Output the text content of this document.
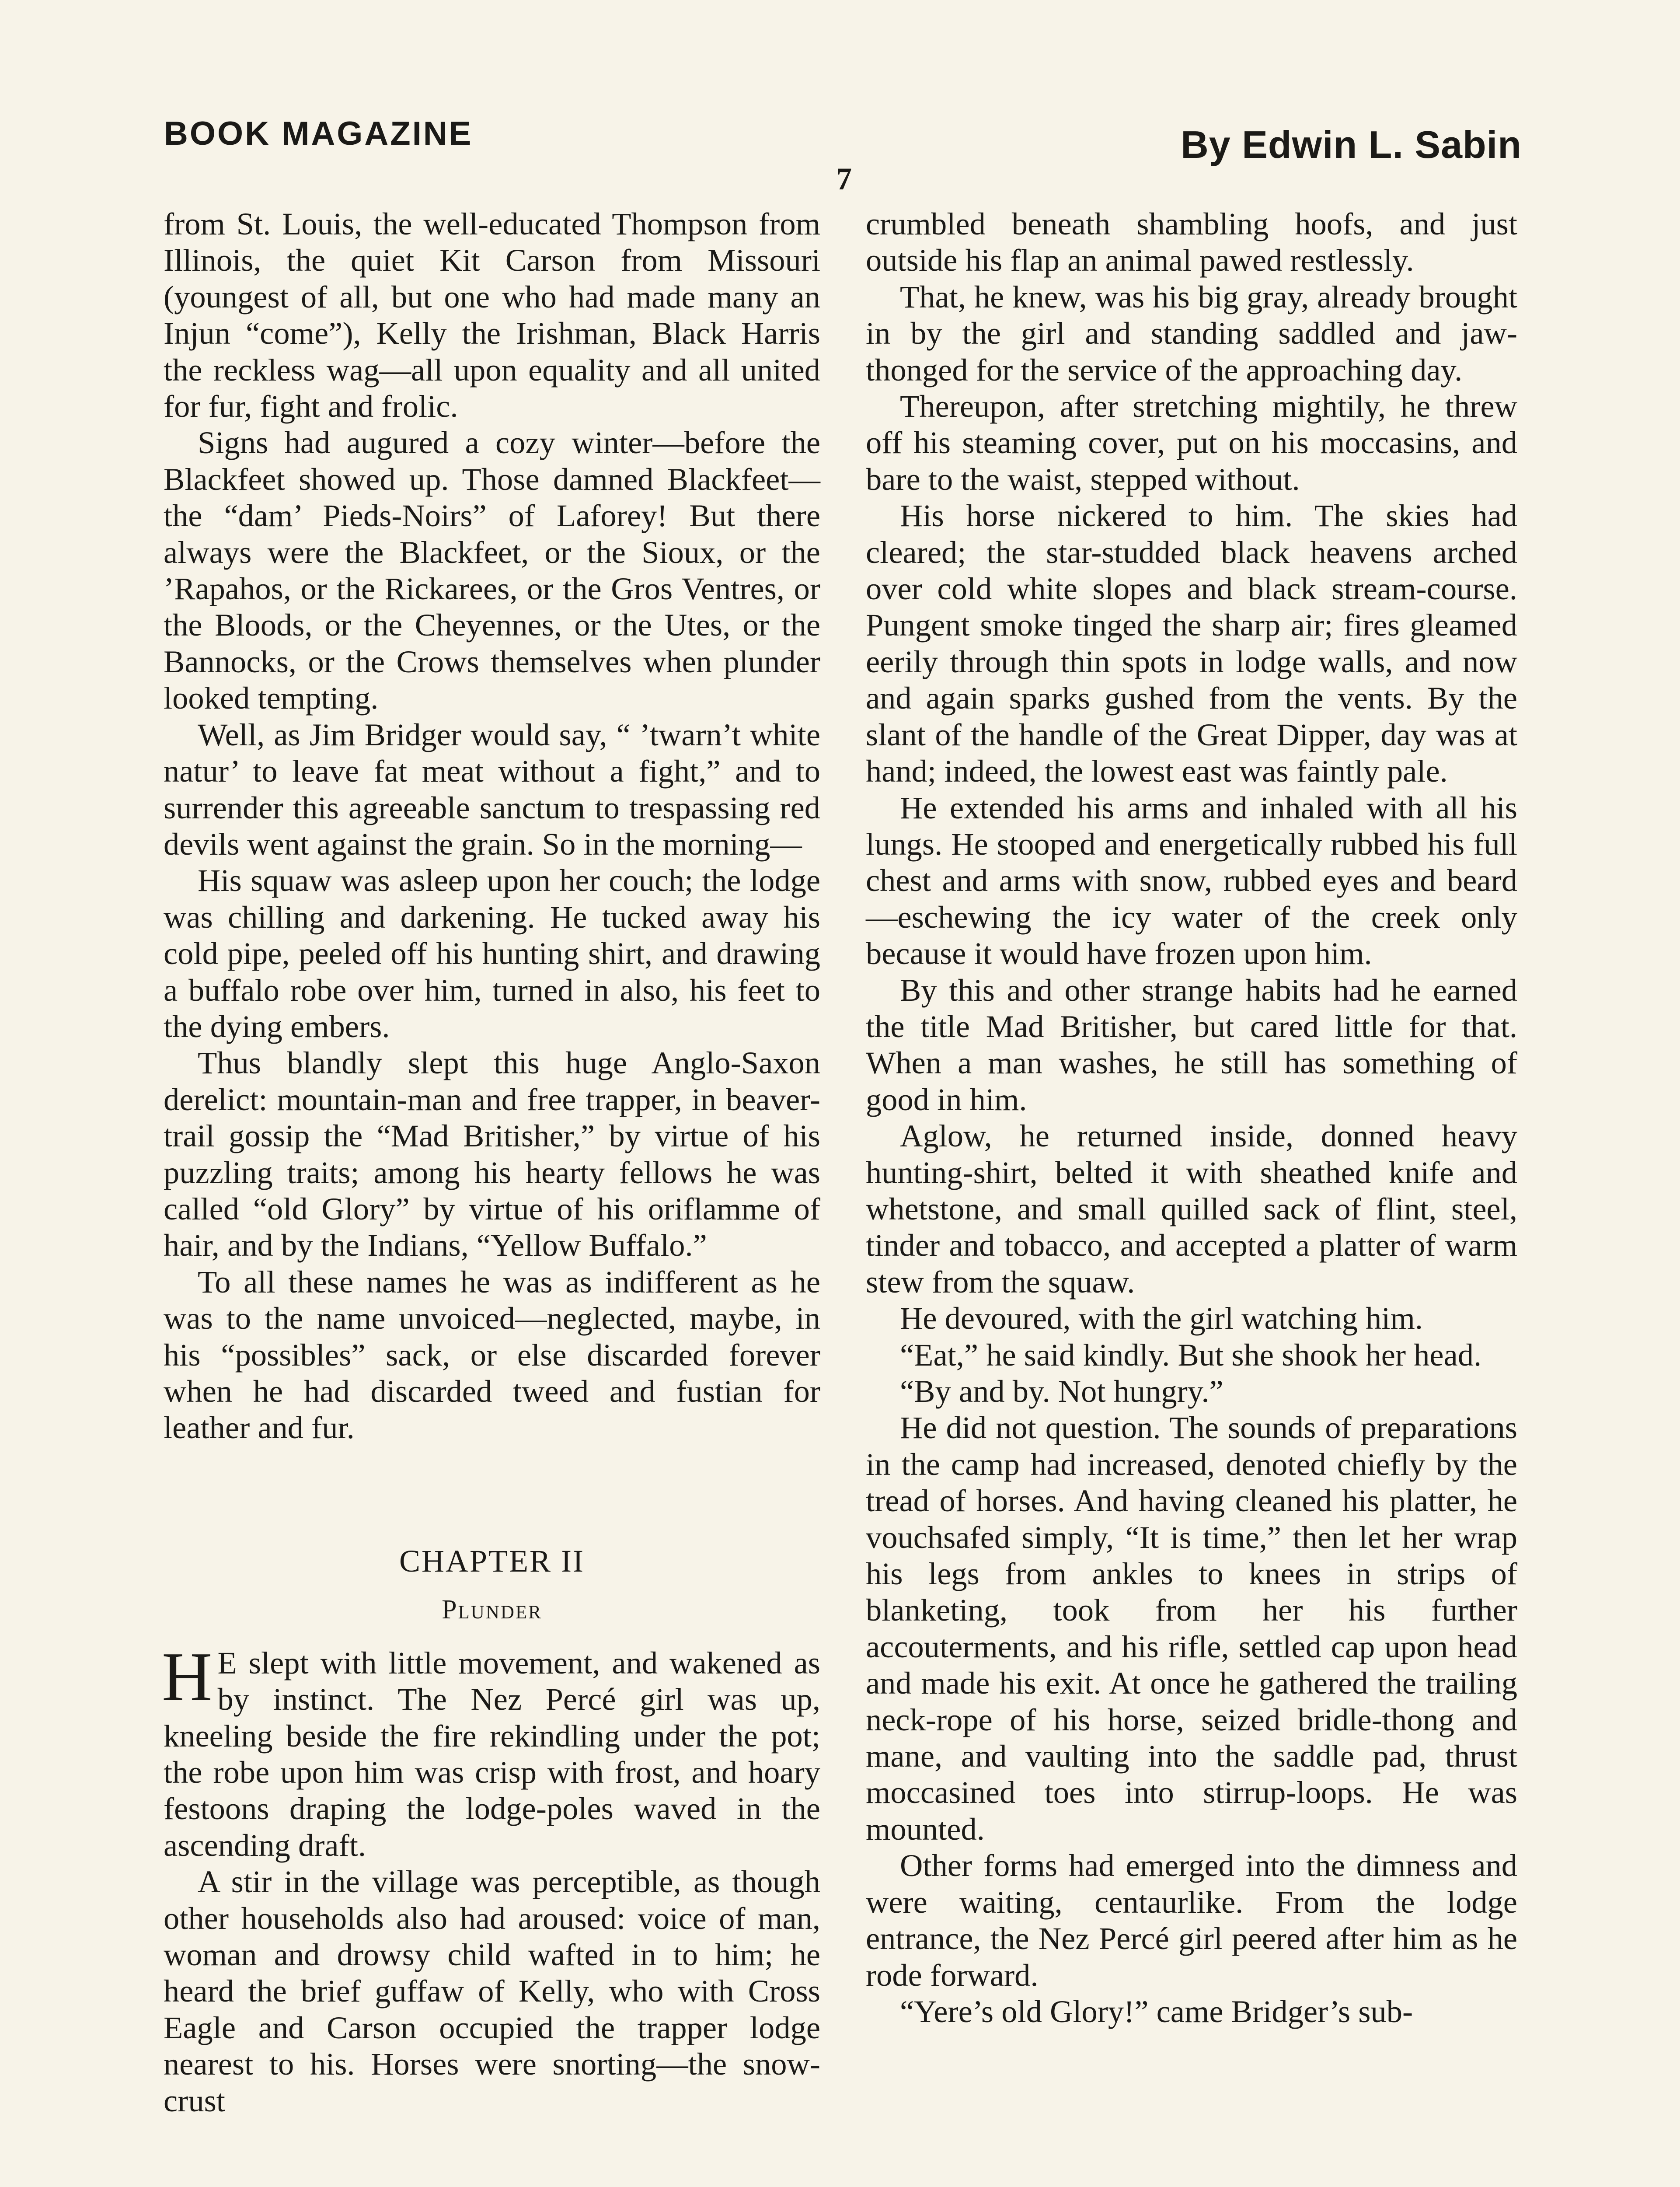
BOOK MAGAZINE	By Edwin L. Sabin
7

from St. Louis, the well-educated Thompson from Illinois, the quiet Kit Carson from Missouri (youngest of all, but one who had made many an Injun “come”), Kelly the Irishman, Black Harris the reckless wag—all upon equality and all united for fur, fight and frolic.

Signs had augured a cozy winter—before the Blackfeet showed up. Those damned Blackfeet—the “dam’ Pieds-Noirs” of Laforey! But there always were the Blackfeet, or the Sioux, or the ’Rapahos, or the Rickarees, or the Gros Ventres, or the Bloods, or the Cheyennes, or the Utes, or the Bannocks, or the Crows themselves when plunder looked tempting.

Well, as Jim Bridger would say, “ ’twarn’t white natur’ to leave fat meat without a fight,” and to surrender this agreeable sanctum to trespassing red devils went against the grain. So in the morning—

His squaw was asleep upon her couch; the lodge was chilling and darkening. He tucked away his cold pipe, peeled off his hunting shirt, and drawing a buffalo robe over him, turned in also, his feet to the dying embers.

Thus blandly slept this huge Anglo-Saxon derelict: mountain-man and free trapper, in beaver-trail gossip the “Mad Britisher,” by virtue of his puzzling traits; among his hearty fellows he was called “old Glory” by virtue of his oriflamme of hair, and by the Indians, “Yellow Buffalo.”

To all these names he was as indifferent as he was to the name unvoiced—neglected, maybe, in his “possibles” sack, or else discarded forever when he had discarded tweed and fustian for leather and fur.

CHAPTER II
Plunder

H E slept with little movement, and wakened as by instinct. The Nez Percé girl was up, kneeling beside the fire rekindling under the pot; the robe upon him was crisp with frost, and hoary festoons draping the lodge-poles waved in the ascending draft.

A stir in the village was perceptible, as though other households also had aroused: voice of man, woman and drowsy child wafted in to him; he heard the brief guffaw of Kelly, who with Cross Eagle and Carson occupied the trapper lodge nearest to his. Horses were snorting—the snow-crust

crumbled beneath shambling hoofs, and just outside his flap an animal pawed restlessly.

That, he knew, was his big gray, already brought in by the girl and standing saddled and jaw-thonged for the service of the approaching day.

Thereupon, after stretching mightily, he threw off his steaming cover, put on his moccasins, and bare to the waist, stepped without.

His horse nickered to him. The skies had cleared; the star-studded black heavens arched over cold white slopes and black stream-course. Pungent smoke tinged the sharp air; fires gleamed eerily through thin spots in lodge walls, and now and again sparks gushed from the vents. By the slant of the handle of the Great Dipper, day was at hand; indeed, the lowest east was faintly pale.

He extended his arms and inhaled with all his lungs. He stooped and energetically rubbed his full chest and arms with snow, rubbed eyes and beard—eschewing the icy water of the creek only because it would have frozen upon him.

By this and other strange habits had he earned the title Mad Britisher, but cared little for that. When a man washes, he still has something of good in him.

Aglow, he returned inside, donned heavy hunting-shirt, belted it with sheathed knife and whetstone, and small quilled sack of flint, steel, tinder and tobacco, and accepted a platter of warm stew from the squaw.

He devoured, with the girl watching him.

“Eat,” he said kindly. But she shook her head.

“By and by. Not hungry.”

He did not question. The sounds of preparations in the camp had increased, denoted chiefly by the tread of horses. And having cleaned his platter, he vouchsafed simply, “It is time,” then let her wrap his legs from ankles to knees in strips of blanketing, took from her his further accouterments, and his rifle, settled cap upon head and made his exit. At once he gathered the trailing neck-rope of his horse, seized bridle-thong and mane, and vaulting into the saddle pad, thrust moccasined toes into stirrup-loops. He was mounted.

Other forms had emerged into the dimness and were waiting, centaurlike. From the lodge entrance, the Nez Percé girl peered after him as he rode forward.

“Yere’s old Glory!” came Bridger’s sub-
